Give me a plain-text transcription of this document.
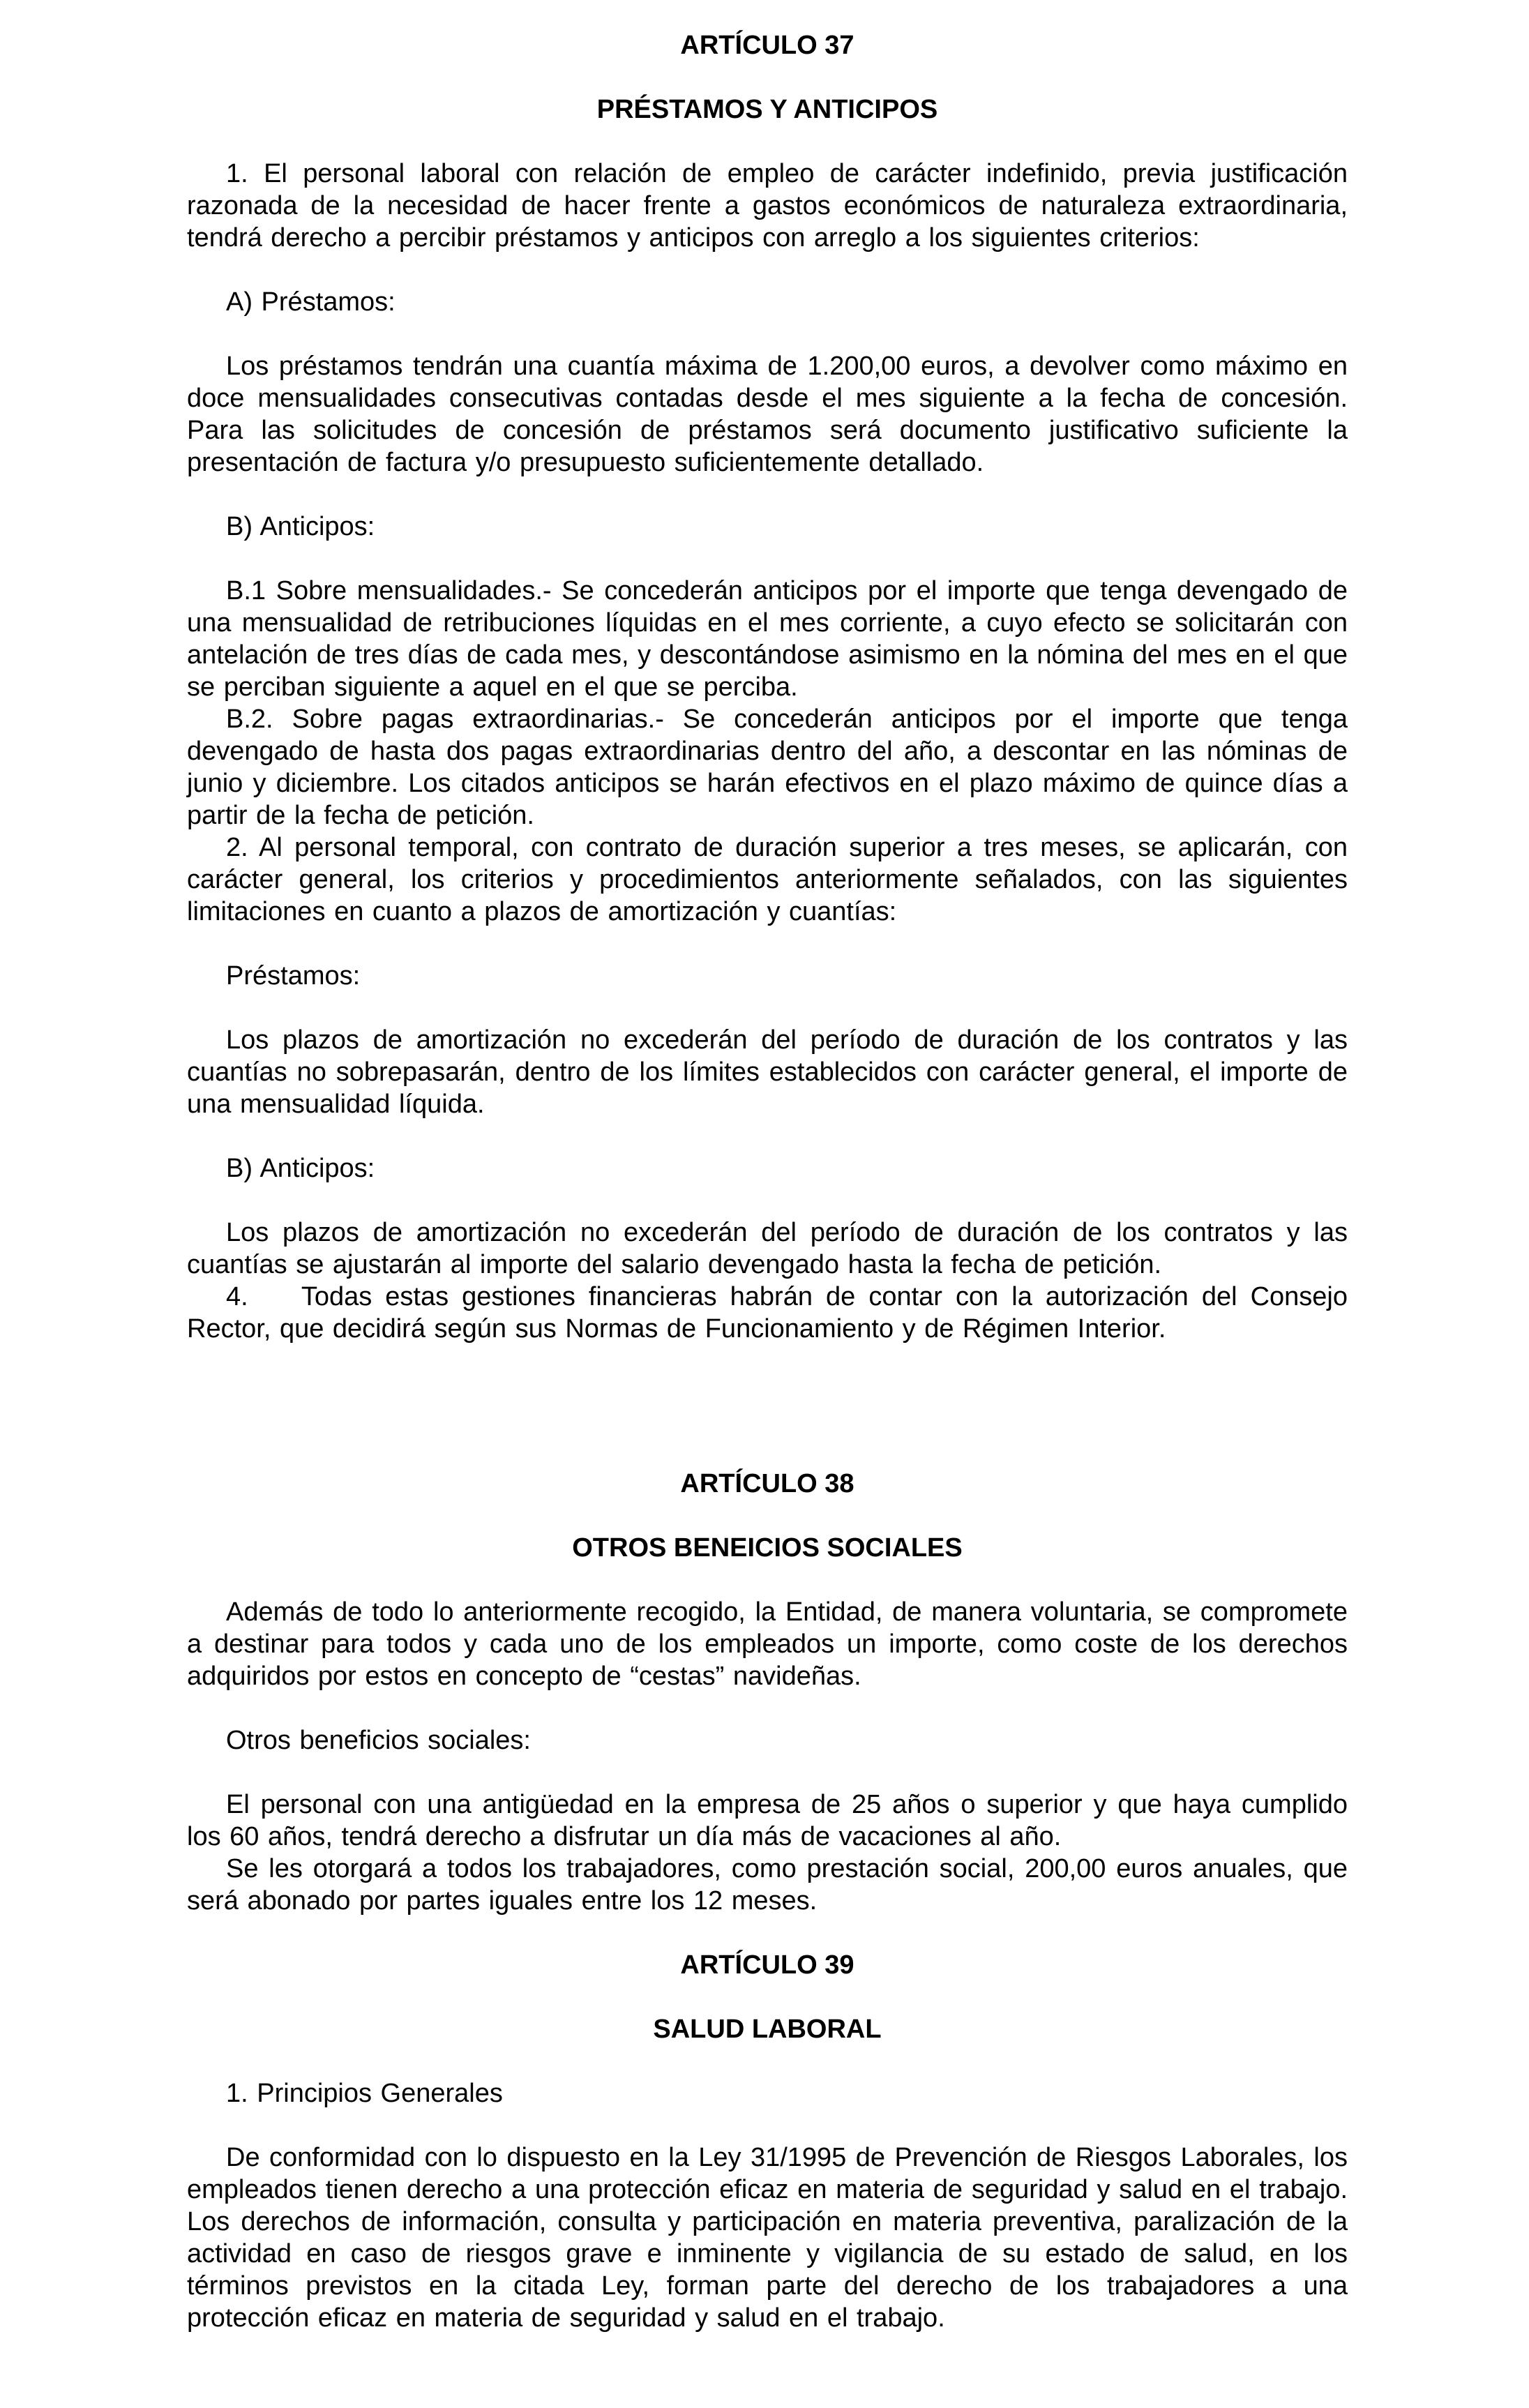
ARTÍCULO 37
PRÉSTAMOS Y ANTICIPOS

1. El personal laboral con relación de empleo de carácter indefinido, previa justificación razonada de la necesidad de hacer frente a gastos económicos de naturaleza extraordinaria, tendrá derecho a percibir préstamos y anticipos con arreglo a los siguientes criterios:

A) Préstamos:

Los préstamos tendrán una cuantía máxima de 1.200,00 euros, a devolver como máximo en doce mensualidades consecutivas contadas desde el mes siguiente a la fecha de concesión. Para las solicitudes de concesión de préstamos será documento justificativo suficiente la presentación de factura y/o presupuesto suficientemente detallado.

B) Anticipos:

B.1 Sobre mensualidades.- Se concederán anticipos por el importe que tenga devengado de una mensualidad de retribuciones líquidas en el mes corriente, a cuyo efecto se solicitarán con antelación de tres días de cada mes, y descontándose asimismo en la nómina del mes en el que se perciban siguiente a aquel en el que se perciba.

B.2. Sobre pagas extraordinarias.- Se concederán anticipos por el importe que tenga devengado de hasta dos pagas extraordinarias dentro del año, a descontar en las nóminas de junio y diciembre. Los citados anticipos se harán efectivos en el plazo máximo de quince días a partir de la fecha de petición.

2. Al personal temporal, con contrato de duración superior a tres meses, se aplicarán, con carácter general, los criterios y procedimientos anteriormente señalados, con las siguientes limitaciones en cuanto a plazos de amortización y cuantías:

Préstamos:

Los plazos de amortización no excederán del período de duración de los contratos y las cuantías no sobrepasarán, dentro de los límites establecidos con carácter general, el importe de una mensualidad líquida.

B) Anticipos:

Los plazos de amortización no excederán del período de duración de los contratos y las cuantías se ajustarán al importe del salario devengado hasta la fecha de petición.

4.    Todas estas gestiones financieras habrán de contar con la autorización del Consejo Rector, que decidirá según sus Normas de Funcionamiento y de Régimen Interior.

ARTÍCULO 38
OTROS BENEICIOS SOCIALES

Además de todo lo anteriormente recogido, la Entidad, de manera voluntaria, se compromete a destinar para todos y cada uno de los empleados un importe, como coste de los derechos adquiridos por estos en concepto de “cestas” navideñas.

Otros beneficios sociales:

El personal con una antigüedad en la empresa de 25 años o superior y que haya cumplido los 60 años, tendrá derecho a disfrutar un día más de vacaciones al año.

Se les otorgará a todos los trabajadores, como prestación social, 200,00 euros anuales, que será abonado por partes iguales entre los 12 meses.

ARTÍCULO 39
SALUD LABORAL

1. Principios Generales

De conformidad con lo dispuesto en la Ley 31/1995 de Prevención de Riesgos Laborales, los empleados tienen derecho a una protección eficaz en materia de seguridad y salud en el trabajo. Los derechos de información, consulta y participación en materia preventiva, paralización de la actividad en caso de riesgos grave e inminente y vigilancia de su estado de salud, en los términos previstos en la citada Ley, forman parte del derecho de los trabajadores a una protección eficaz en materia de seguridad y salud en el trabajo.
